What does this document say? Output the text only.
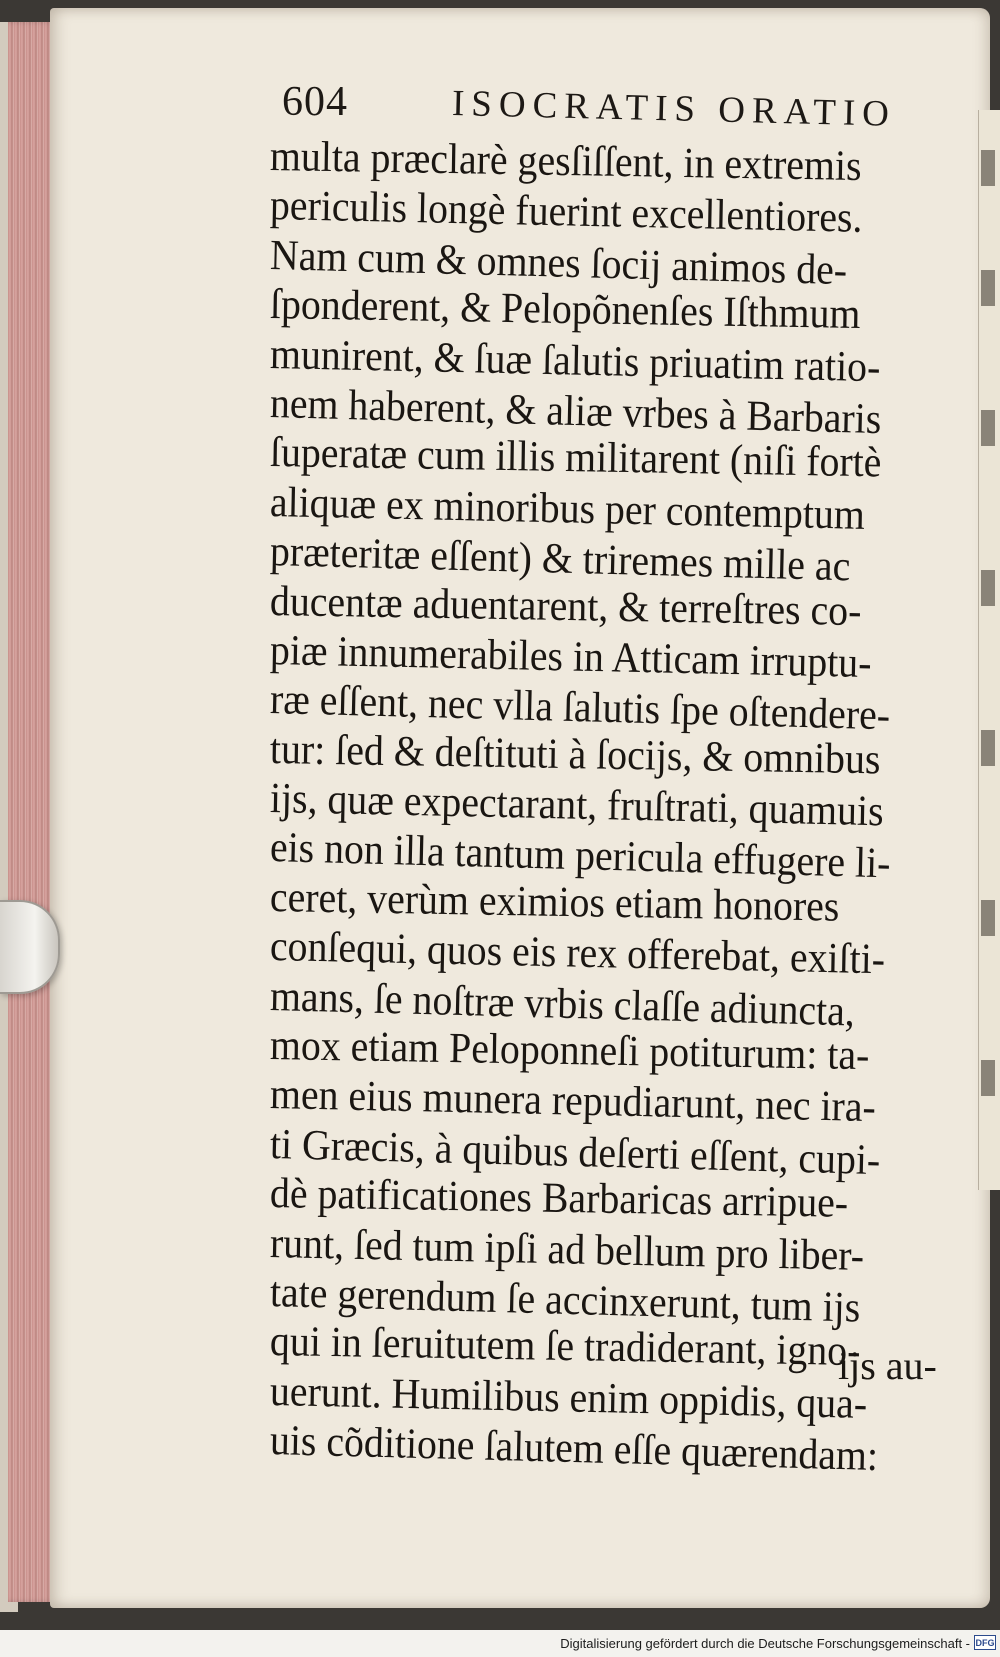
604	ISOCRATIS ORATIO
multa præclarè gesſiſſent, in extremis
periculis longè fuerint excellentiores.
Nam cum & omnes ſocij animos de-
ſponderent, & Pelopõnenſes Iſthmum
munirent, & ſuæ ſalutis priuatim ratio-
nem haberent, & aliæ vrbes à Barbaris
ſuperatæ cum illis militarent (niſi fortè
aliquæ ex minoribus per contemptum
præteritæ eſſent) & triremes mille ac
ducentæ aduentarent, & terreſtres co-
piæ innumerabiles in Atticam irruptu-
ræ eſſent, nec vlla ſalutis ſpe oſtendere-
tur: ſed & deſtituti à ſocijs, & omnibus
ijs, quæ expectarant, fruſtrati, quamuis
eis non illa tantum pericula effugere li-
ceret, verùm eximios etiam honores
conſequi, quos eis rex offerebat, exiſti-
mans, ſe noſtræ vrbis claſſe adiuncta,
mox etiam Peloponneſi potiturum: ta-
men eius munera repudiarunt, nec ira-
ti Græcis, à quibus deſerti eſſent, cupi-
dè patificationes Barbaricas arripue-
runt, ſed tum ipſi ad bellum pro liber-
tate gerendum ſe accinxerunt, tum ijs
qui in ſeruitutem ſe tradiderant, igno-
uerunt. Humilibus enim oppidis, qua-
uis cõditione ſalutem eſſe quærendam:
ijs au-
Digitalisierung gefördert durch die Deutsche Forschungsgemeinschaft - DFG
